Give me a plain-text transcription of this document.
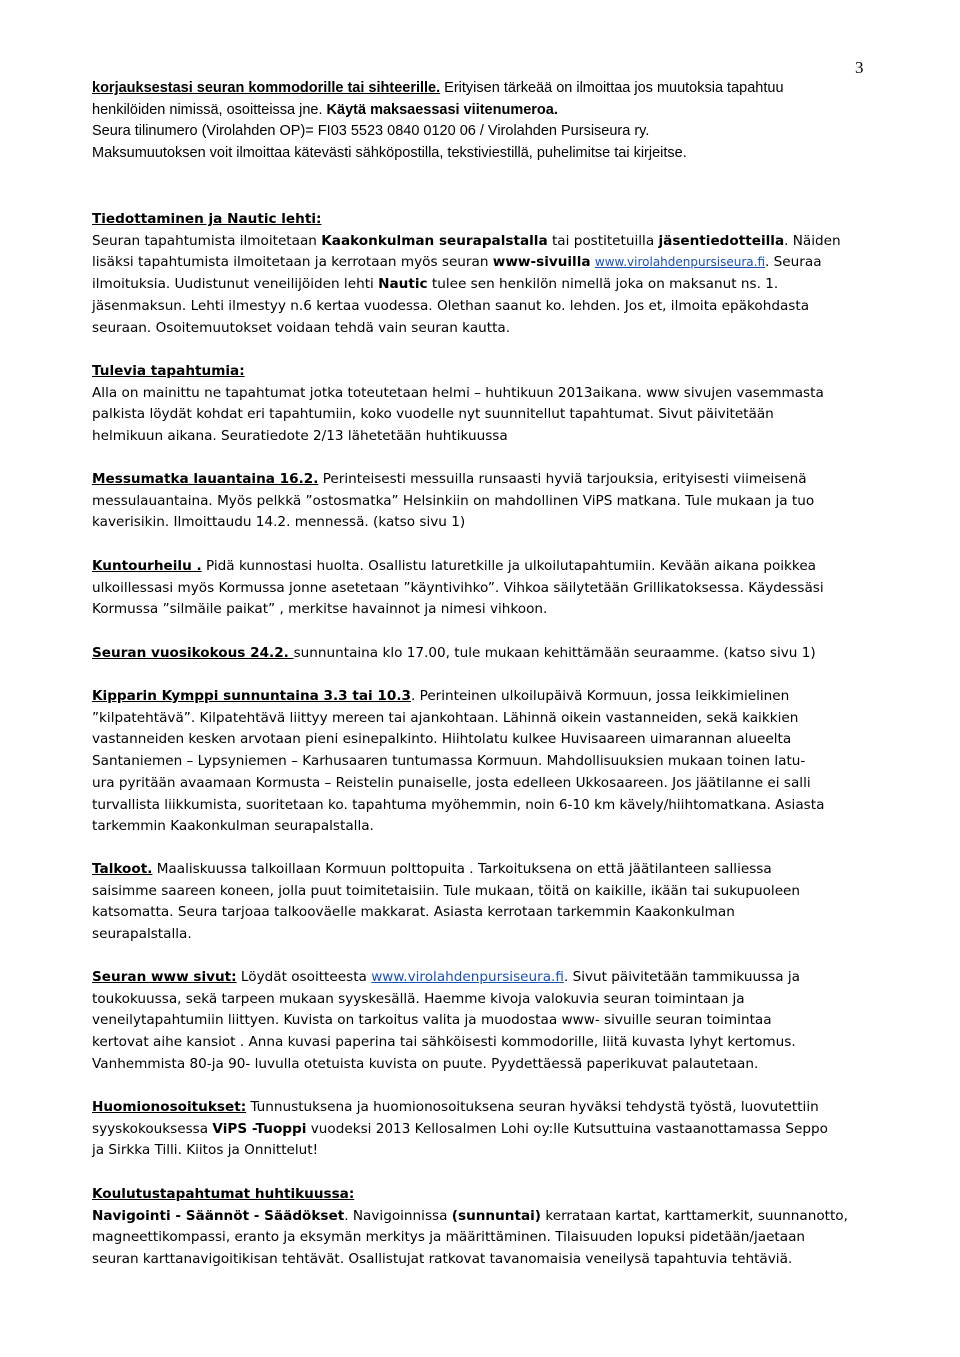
3
korjauksestasi seuran kommodorille tai sihteerille. Erityisen tärkeää on ilmoittaa jos muutoksia tapahtuu
henkilöiden nimissä, osoitteissa jne. Käytä maksaessasi viitenumeroa.
Seura tilinumero (Virolahden OP)= FI03 5523 0840 0120 06 / Virolahden Pursiseura ry.
Maksumuutoksen voit ilmoittaa kätevästi sähköpostilla, tekstiviestillä, puhelimitse tai kirjeitse.
Tiedottaminen ja Nautic lehti:
Seuran tapahtumista ilmoitetaan Kaakonkulman seurapalstalla tai postitetuilla jäsentiedotteilla. Näiden
lisäksi tapahtumista ilmoitetaan ja kerrotaan myös seuran www-sivuilla www.virolahdenpursiseura.fi. Seuraa
ilmoituksia. Uudistunut veneilijöiden lehti Nautic tulee sen henkilön nimellä joka on maksanut ns. 1.
jäsenmaksun. Lehti ilmestyy n.6 kertaa vuodessa. Olethan saanut ko. lehden. Jos et, ilmoita epäkohdasta
seuraan. Osoitemuutokset voidaan tehdä vain seuran kautta.
Tulevia tapahtumia:
Alla on mainittu ne tapahtumat jotka toteutetaan helmi – huhtikuun 2013aikana. www sivujen vasemmasta
palkista löydät kohdat eri tapahtumiin, koko vuodelle nyt suunnitellut tapahtumat. Sivut päivitetään
helmikuun aikana. Seuratiedote 2/13 lähetetään huhtikuussa
Messumatka lauantaina 16.2. Perinteisesti messuilla runsaasti hyviä tarjouksia, erityisesti viimeisenä
messulauantaina. Myös pelkkä ”ostosmatka” Helsinkiin on mahdollinen ViPS matkana. Tule mukaan ja tuo
kaverisikin. Ilmoittaudu 14.2. mennessä. (katso sivu 1)
Kuntourheilu . Pidä kunnostasi huolta. Osallistu laturetkille ja ulkoilutapahtumiin. Kevään aikana poikkea
ulkoillessasi myös Kormussa jonne asetetaan ”käyntivihko”. Vihkoa säilytetään Grillikatoksessa. Käydessäsi
Kormussa ”silmäile paikat” , merkitse havainnot ja nimesi vihkoon.
Seuran vuosikokous 24.2. sunnuntaina klo 17.00, tule mukaan kehittämään seuraamme. (katso sivu 1)
Kipparin Kymppi sunnuntaina 3.3 tai 10.3. Perinteinen ulkoilupäivä Kormuun, jossa leikkimielinen
”kilpatehtävä”. Kilpatehtävä liittyy mereen tai ajankohtaan. Lähinnä oikein vastanneiden, sekä kaikkien
vastanneiden kesken arvotaan pieni esinepalkinto. Hiihtolatu kulkee Huvisaareen uimarannan alueelta
Santaniemen – Lypsyniemen – Karhusaaren tuntumassa Kormuun. Mahdollisuuksien mukaan toinen latu-
ura pyritään avaamaan Kormusta – Reistelin punaiselle, josta edelleen Ukkosaareen. Jos jäätilanne ei salli
turvallista liikkumista, suoritetaan ko. tapahtuma myöhemmin, noin 6-10 km kävely/hiihtomatkana. Asiasta
tarkemmin Kaakonkulman seurapalstalla.
Talkoot. Maaliskuussa talkoillaan Kormuun polttopuita . Tarkoituksena on että jäätilanteen salliessa
saisimme saareen koneen, jolla puut toimitetaisiin. Tule mukaan, töitä on kaikille, ikään tai sukupuoleen
katsomatta. Seura tarjoaa talkooväelle makkarat. Asiasta kerrotaan tarkemmin Kaakonkulman
seurapalstalla.
Seuran www sivut: Löydät osoitteesta www.virolahdenpursiseura.fi. Sivut päivitetään tammikuussa ja
toukokuussa, sekä tarpeen mukaan syyskesällä. Haemme kivoja valokuvia seuran toimintaan ja
veneilytapahtumiin liittyen. Kuvista on tarkoitus valita ja muodostaa www- sivuille seuran toimintaa
kertovat aihe kansiot . Anna kuvasi paperina tai sähköisesti kommodorille, liitä kuvasta lyhyt kertomus.
Vanhemmista 80-ja 90- luvulla otetuista kuvista on puute. Pyydettäessä paperikuvat palautetaan.
Huomionosoitukset: Tunnustuksena ja huomionosoituksena seuran hyväksi tehdystä työstä, luovutettiin
syyskokouksessa ViPS -Tuoppi vuodeksi 2013 Kellosalmen Lohi oy:lle Kutsuttuina vastaanottamassa Seppo
ja Sirkka Tilli. Kiitos ja Onnittelut!
Koulutustapahtumat huhtikuussa:
Navigointi - Säännöt - Säädökset. Navigoinnissa (sunnuntai) kerrataan kartat, karttamerkit, suunnanotto,
magneettikompassi, eranto ja eksymän merkitys ja määrittäminen. Tilaisuuden lopuksi pidetään/jaetaan
seuran karttanavigoitikisan tehtävät. Osallistujat ratkovat tavanomaisia veneilysä tapahtuvia tehtäviä.
